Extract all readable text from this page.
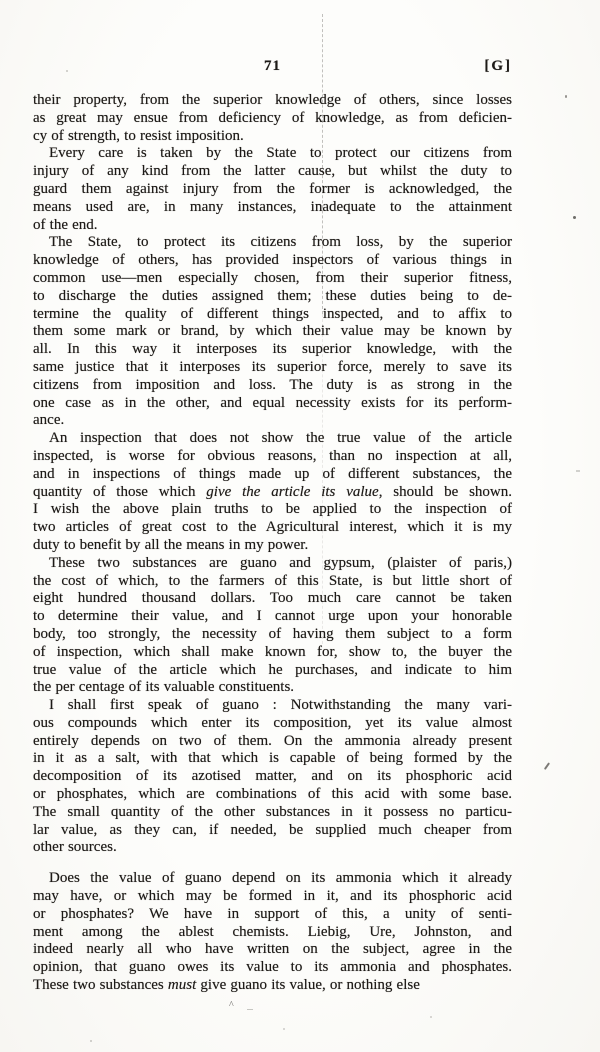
71	[G]
their property, from the superior knowledge of others, since losses
as great may ensue from deficiency of knowledge, as from deficien-
cy of strength, to resist imposition.
Every care is taken by the State to protect our citizens from
injury of any kind from the latter cause, but whilst the duty to
guard them against injury from the former is acknowledged, the
means used are, in many instances, inadequate to the attainment
of the end.
The State, to protect its citizens from loss, by the superior
knowledge of others, has provided inspectors of various things in
common use—men especially chosen, from their superior fitness,
to discharge the duties assigned them; these duties being to de-
termine the quality of different things inspected, and to affix to
them some mark or brand, by which their value may be known by
all. In this way it interposes its superior knowledge, with the
same justice that it interposes its superior force, merely to save its
citizens from imposition and loss. The duty is as strong in the
one case as in the other, and equal necessity exists for its perform-
ance.
An inspection that does not show the true value of the article
inspected, is worse for obvious reasons, than no inspection at all,
and in inspections of things made up of different substances, the
quantity of those which give the article its value, should be shown.
I wish the above plain truths to be applied to the inspection of
two articles of great cost to the Agricultural interest, which it is my
duty to benefit by all the means in my power.
These two substances are guano and gypsum, (plaister of paris,)
the cost of which, to the farmers of this State, is but little short of
eight hundred thousand dollars. Too much care cannot be taken
to determine their value, and I cannot urge upon your honorable
body, too strongly, the necessity of having them subject to a form
of inspection, which shall make known for, show to, the buyer the
true value of the article which he purchases, and indicate to him
the per centage of its valuable constituents.
I shall first speak of guano : Notwithstanding the many vari-
ous compounds which enter its composition, yet its value almost
entirely depends on two of them. On the ammonia already present
in it as a salt, with that which is capable of being formed by the
decomposition of its azotised matter, and on its phosphoric acid
or phosphates, which are combinations of this acid with some base.
The small quantity of the other substances in it possess no particu-
lar value, as they can, if needed, be supplied much cheaper from
other sources.
Does the value of guano depend on its ammonia which it already
may have, or which may be formed in it, and its phosphoric acid
or phosphates? We have in support of this, a unity of senti-
ment among the ablest chemists. Liebig, Ure, Johnston, and
indeed nearly all who have written on the subject, agree in the
opinion, that guano owes its value to its ammonia and phosphates.
These two substances must give guano its value, or nothing else
^
